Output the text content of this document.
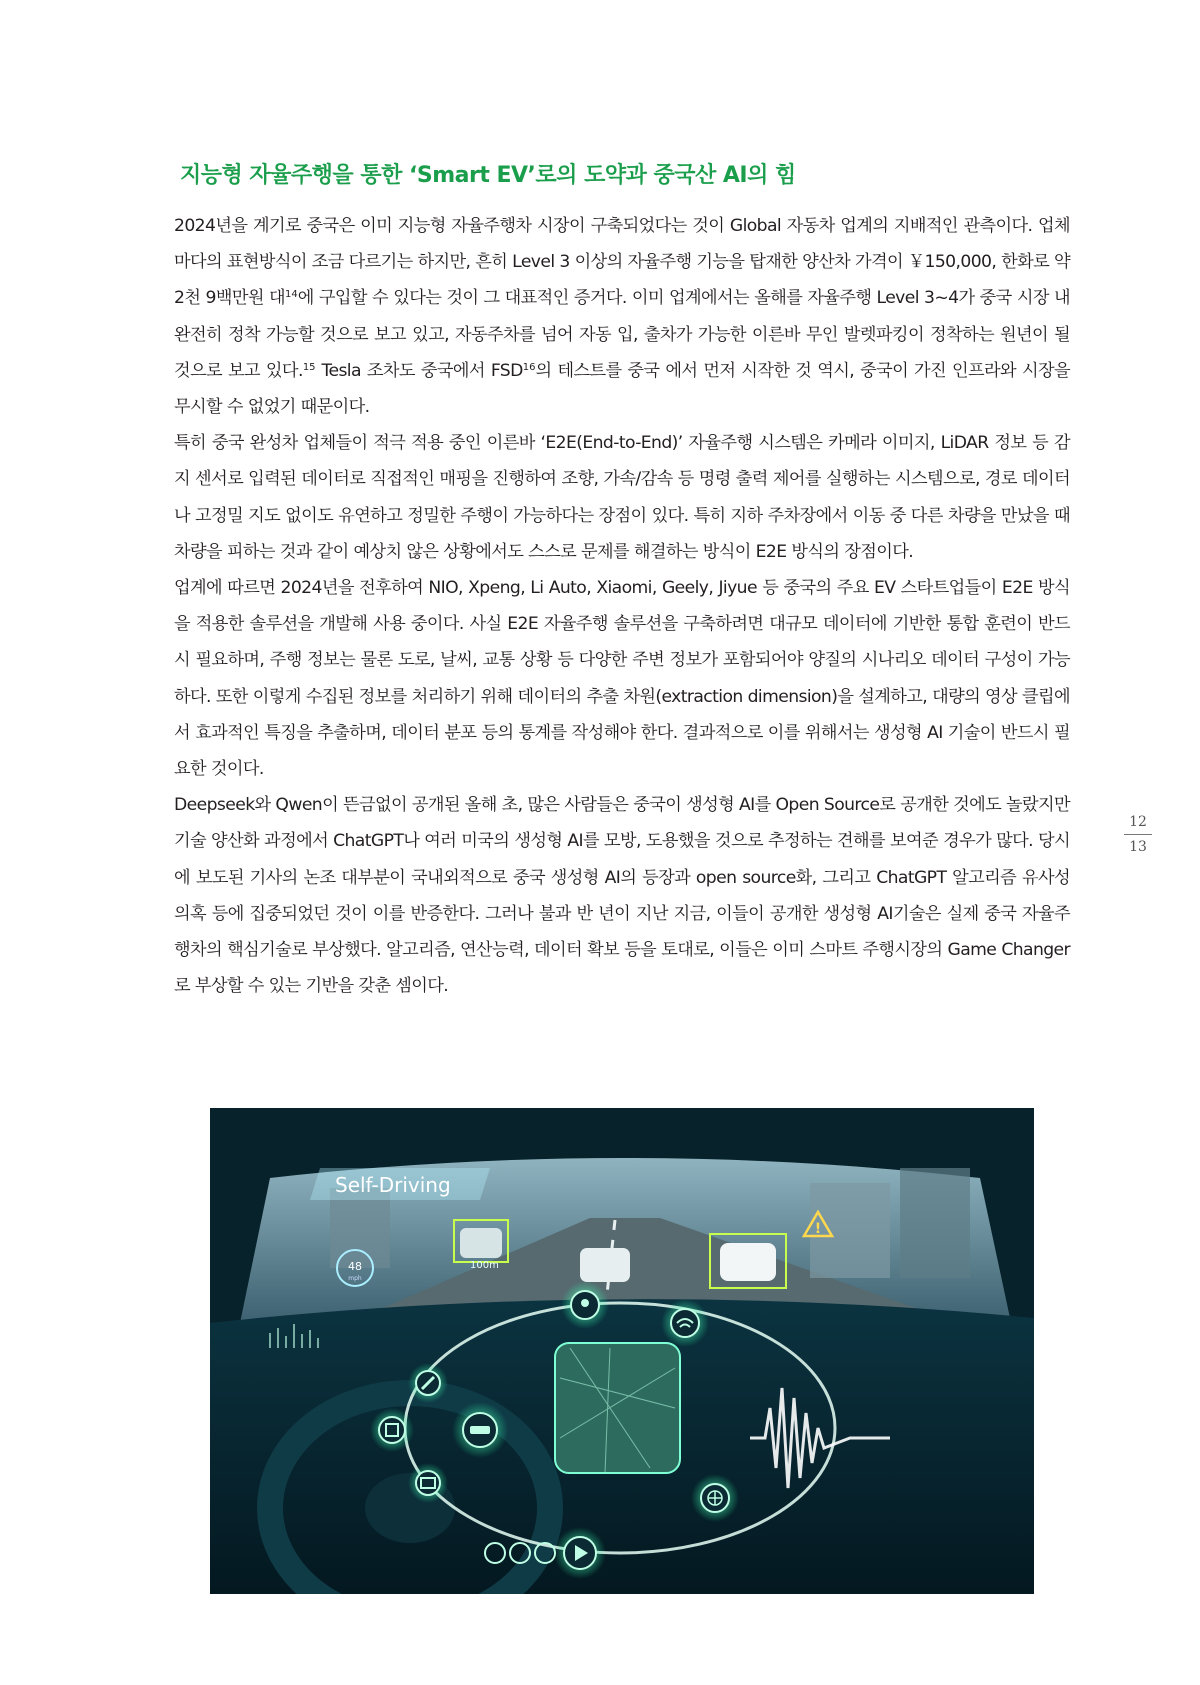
지능형 자율주행을 통한 ‘Smart EV’로의 도약과 중국산 AI의 힘

2024년을 계기로 중국은 이미 지능형 자율주행차 시장이 구축되었다는 것이 Global 자동차 업계의 지배적인 관측이다. 업체마다의 표현방식이 조금 다르기는 하지만, 흔히 Level 3 이상의 자율주행 기능을 탑재한 양산차 가격이 ￥150,000, 한화로 약 2천 9백만원 대$^{14}$에 구입할 수 있다는 것이 그 대표적인 증거다. 이미 업계에서는 올해를 자율주행 Level 3~4가 중국 시장 내 완전히 정착 가능할 것으로 보고 있고, 자동주차를 넘어 자동 입, 출차가 가능한 이른바 무인 발렛파킹이 정착하는 원년이 될 것으로 보고 있다.$^{15}$ Tesla 조차도 중국에서 FSD$^{16}$의 테스트를 중국 에서 먼저 시작한 것 역시, 중국이 가진 인프라와 시장을 무시할 수 없었기 때문이다.

특히 중국 완성차 업체들이 적극 적용 중인 이른바 ‘E2E(End-to-End)’ 자율주행 시스템은 카메라 이미지, LiDAR 정보 등 감지 센서로 입력된 데이터로 직접적인 매핑을 진행하여 조향, 가속/감속 등 명령 출력 제어를 실행하는 시스템으로, 경로 데이터나 고정밀 지도 없이도 유연하고 정밀한 주행이 가능하다는 장점이 있다. 특히 지하 주차장에서 이동 중 다른 차량을 만났을 때 차량을 피하는 것과 같이 예상치 않은 상황에서도 스스로 문제를 해결하는 방식이 E2E 방식의 장점이다.

업계에 따르면 2024년을 전후하여 NIO, Xpeng, Li Auto, Xiaomi, Geely, Jiyue 등 중국의 주요 EV 스타트업들이 E2E 방식을 적용한 솔루션을 개발해 사용 중이다. 사실 E2E 자율주행 솔루션을 구축하려면 대규모 데이터에 기반한 통합 훈련이 반드시 필요하며, 주행 정보는 물론 도로, 날씨, 교통 상황 등 다양한 주변 정보가 포함되어야 양질의 시나리오 데이터 구성이 가능하다. 또한 이렇게 수집된 정보를 처리하기 위해 데이터의 추출 차원(extraction dimension)을 설계하고, 대량의 영상 클립에서 효과적인 특징을 추출하며, 데이터 분포 등의 통계를 작성해야 한다. 결과적으로 이를 위해서는 생성형 AI 기술이 반드시 필요한 것이다.

Deepseek와 Qwen이 뜬금없이 공개된 올해 초, 많은 사람들은 중국이 생성형 AI를 Open Source로 공개한 것에도 놀랐지만 기술 양산화 과정에서 ChatGPT나 여러 미국의 생성형 AI를 모방, 도용했을 것으로 추정하는 견해를 보여준 경우가 많다. 당시에 보도된 기사의 논조 대부분이 국내외적으로 중국 생성형 AI의 등장과 open source화, 그리고 ChatGPT 알고리즘 유사성 의혹 등에 집중되었던 것이 이를 반증한다. 그러나 불과 반 년이 지난 지금, 이들이 공개한 생성형 AI기술은 실제 중국 자율주행차의 핵심기술로 부상했다. 알고리즘, 연산능력, 데이터 확보 등을 토대로, 이들은 이미 스마트 주행시장의 Game Changer로 부상할 수 있는 기반을 갖춘 셈이다.

12
13
!
Self-Driving
48
mph
100m
